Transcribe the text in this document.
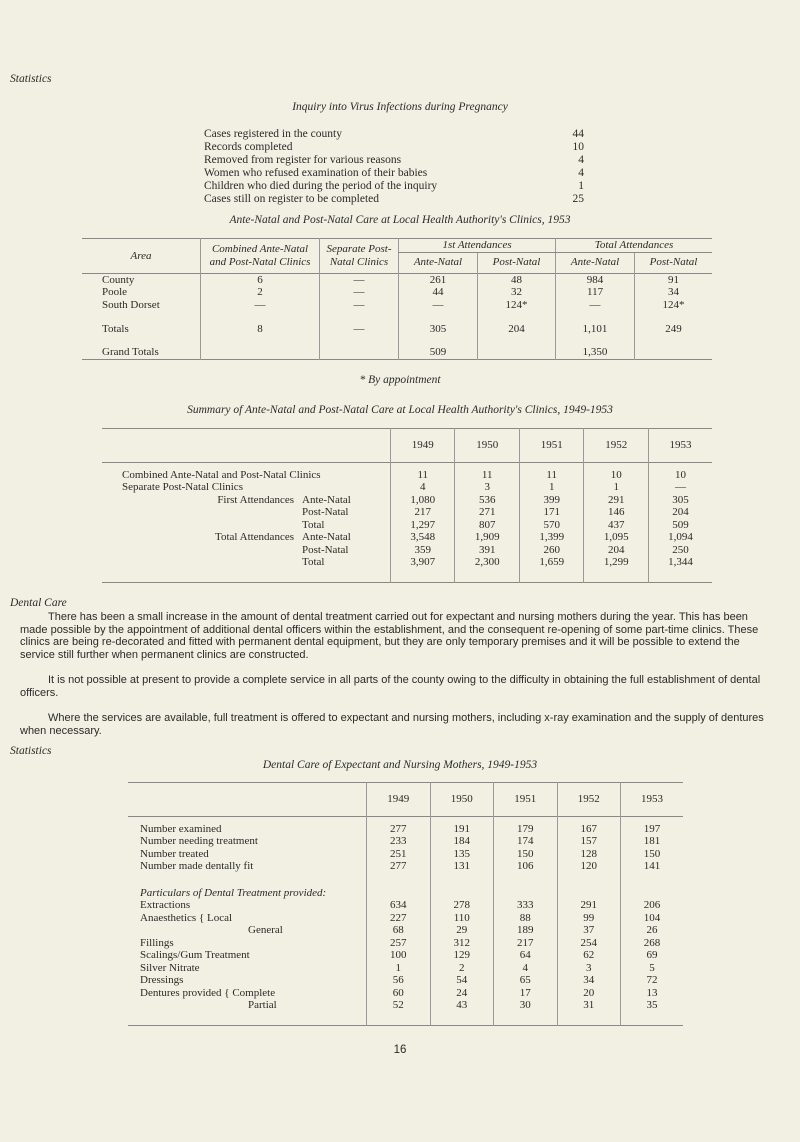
Statistics
Inquiry into Virus Infections during Pregnancy
Cases registered in the county	44
Records completed	10
Removed from register for various reasons	4
Women who refused examination of their babies	4
Children who died during the period of the inquiry	1
Cases still on register to be completed	25
Ante-Natal and Post-Natal Care at Local Health Authority's Clinics, 1953
Area	Combined Ante-Natal and Post-Natal Clinics	Separate Post-Natal Clinics	1st Attendances		Total Attendances	
			Ante-Natal	Post-Natal	Ante-Natal	Post-Natal
County	6	—	261	48	984	91
Poole	2	—	44	32	117	34
South Dorset	—	—	—	124*	—	124*
Totals	8	—	305	204	1,101	249
Grand Totals			509		1,350	
* By appointment
Summary of Ante-Natal and Post-Natal Care at Local Health Authority's Clinics, 1949-1953
	1949	1950	1951	1952	1953

Combined Ante-Natal and Post-Natal Clinics	11	11	11	10	10
Separate Post-Natal Clinics	4	3	1	1	—
First Attendances Ante-Natal	1,080	536	399	291	305
Post-Natal	217	271	171	146	204
Total	1,297	807	570	437	509
Total Attendances Ante-Natal	3,548	1,909	1,399	1,095	1,094
Post-Natal	359	391	260	204	250
Total	3,907	2,300	1,659	1,299	1,344

Dental Care
There has been a small increase in the amount of dental treatment carried out for expectant and nursing mothers during the year. This has been made possible by the appointment of additional dental officers within the establishment, and the consequent re-opening of some part-time clinics. These clinics are being re-decorated and fitted with permanent dental equipment, but they are only temporary premises and it will be possible to extend the service still further when permanent clinics are constructed.
It is not possible at present to provide a complete service in all parts of the county owing to the difficulty in obtaining the full establishment of dental officers.
Where the services are available, full treatment is offered to expectant and nursing mothers, including x-ray examination and the supply of dentures when necessary.
Statistics
Dental Care of Expectant and Nursing Mothers, 1949-1953
	1949	1950	1951	1952	1953

Number examined	277	191	179	167	197
Number needing treatment	233	184	174	157	181
Number treated	251	135	150	128	150
Number made dentally fit	277	131	106	120	141
Particulars of Dental Treatment provided:					
Extractions	634	278	333	291	206
Anaesthetics { Local	227	110	88	99	104
General	68	29	189	37	26
Fillings	257	312	217	254	268
Scalings/Gum Treatment	100	129	64	62	69
Silver Nitrate	1	2	4	3	5
Dressings	56	54	65	34	72
Dentures provided { Complete	60	24	17	20	13
Partial	52	43	30	31	35

16
